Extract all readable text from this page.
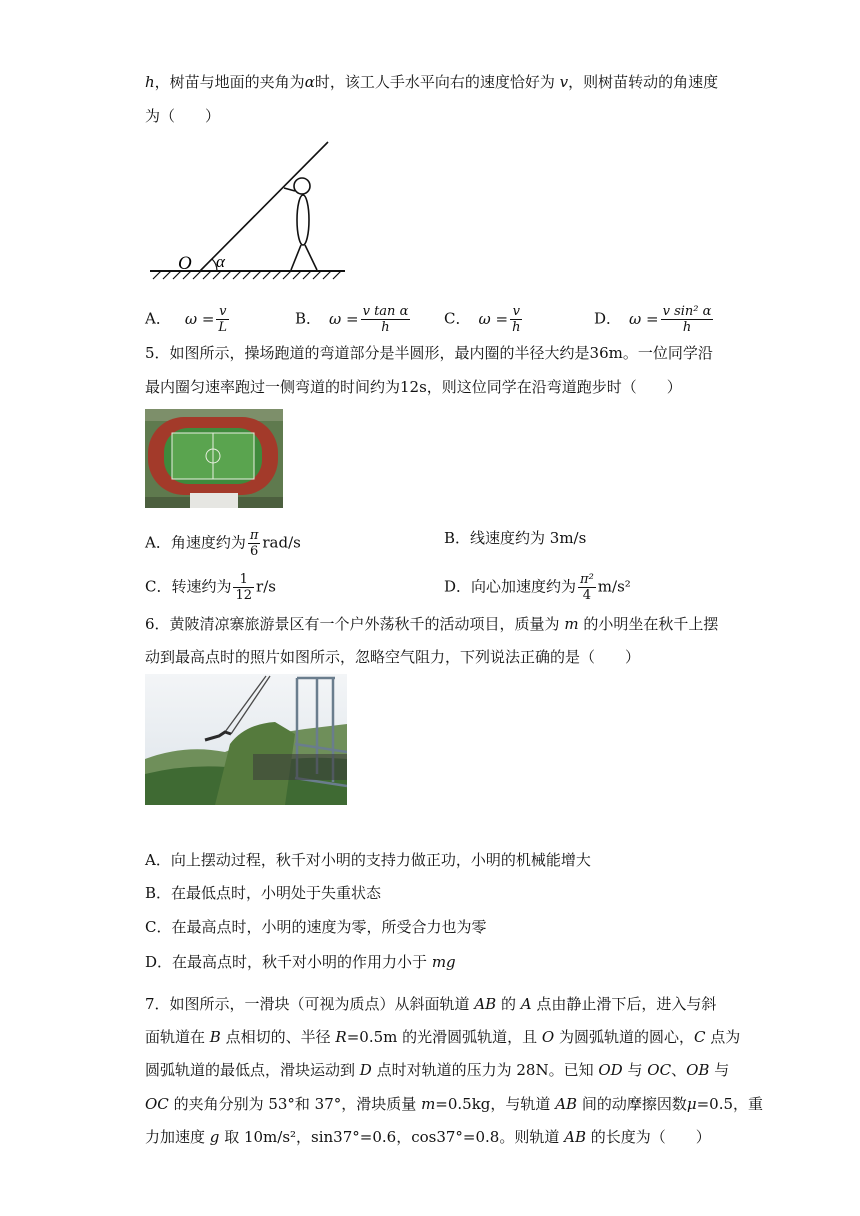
h，树苗与地面的夹角为α时，该工人手水平向右的速度恰好为 v，则树苗转动的角速度
为（　　）
O α
A． $\omega = \frac{v}{L}$	B． $\omega = \frac{\text{v tan α}}{h}$ C． $\omega = \frac{v}{h}$	D． $\omega = \frac{\text{v sin² α}}{h}$
5．如图所示，操场跑道的弯道部分是半圆形，最内圈的半径大约是36m。一位同学沿
最内圈匀速率跑过一侧弯道的时间约为12s，则这位同学在沿弯道跑步时（　　）
A．角速度约为 $\frac{\pi}{6} rad/s$	B．线速度约为 3m/s
C．转速约为 $\frac{1}{12} r/s$	D．向心加速度约为 $\frac{\text{π²}}{4} m/s^2$
6．黄陂清凉寨旅游景区有一个户外荡秋千的活动项目，质量为 m 的小明坐在秋千上摆
动到最高点时的照片如图所示，忽略空气阻力，下列说法正确的是（　　）
A．向上摆动过程，秋千对小明的支持力做正功，小明的机械能增大
B．在最低点时，小明处于失重状态
C．在最高点时，小明的速度为零，所受合力也为零
D．在最高点时，秋千对小明的作用力小于 mg
7．如图所示，一滑块（可视为质点）从斜面轨道 AB 的 A 点由静止滑下后，进入与斜
面轨道在 B 点相切的、半径 R=0.5m 的光滑圆弧轨道，且 O 为圆弧轨道的圆心，C 点为
圆弧轨道的最低点，滑块运动到 D 点时对轨道的压力为 28N。已知 OD 与 OC、OB 与
OC 的夹角分别为 53°和 37°，滑块质量 m=0.5kg，与轨道 AB 间的动摩擦因数μ=0.5，重
力加速度 g 取 10m/s²，sin37°=0.6，cos37°=0.8。则轨道 AB 的长度为（　　）
